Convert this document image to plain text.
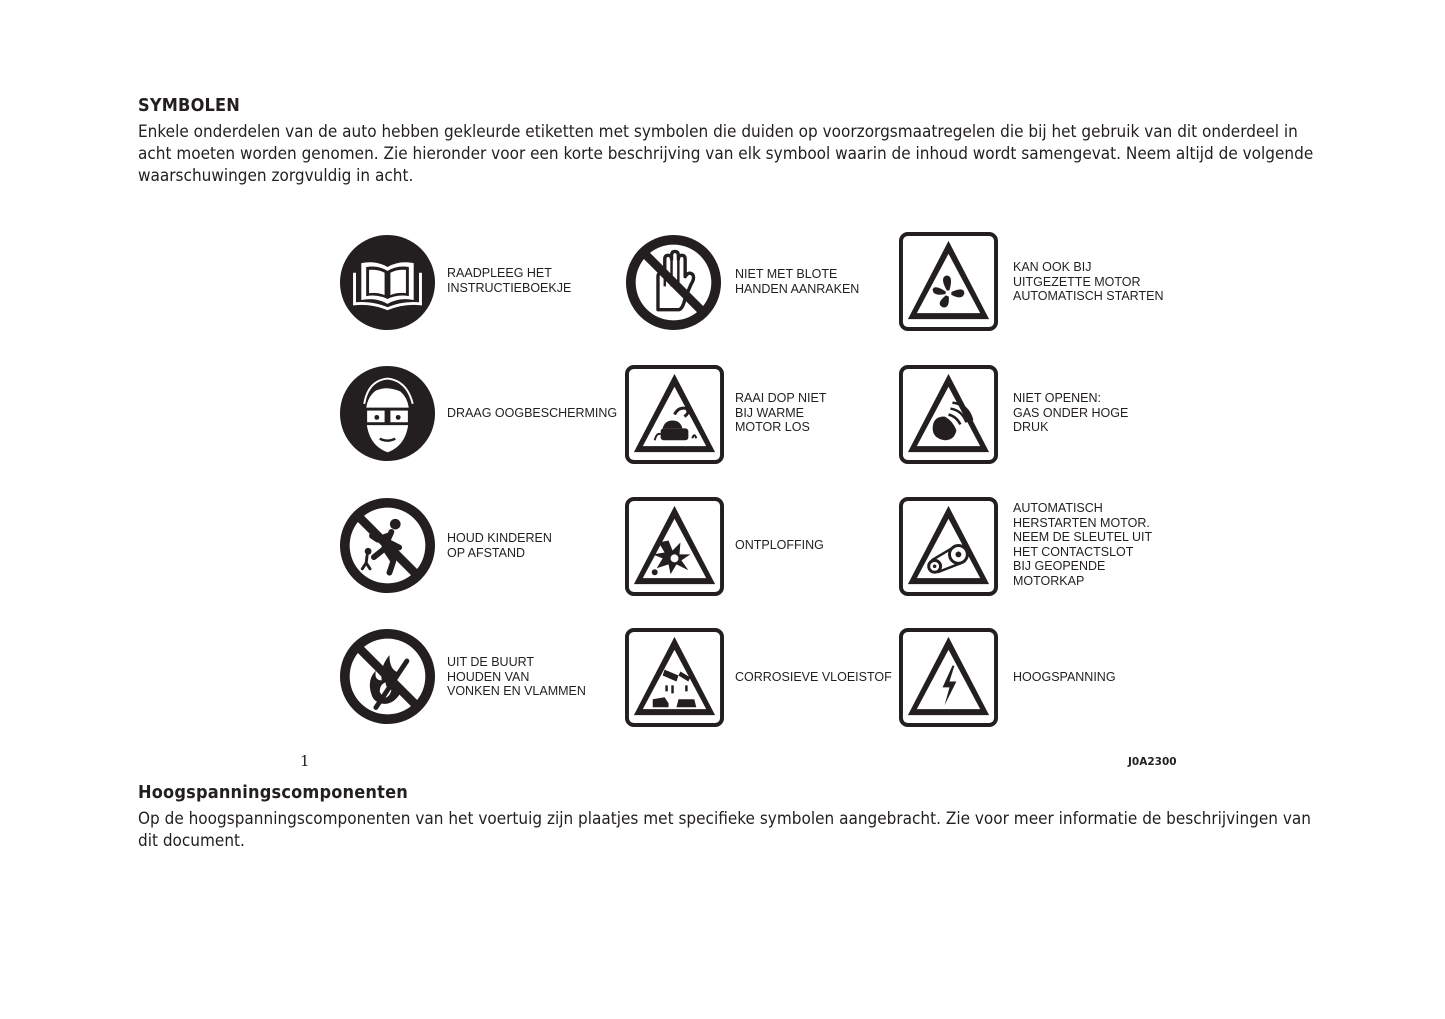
SYMBOLEN

Enkele onderdelen van de auto hebben gekleurde etiketten met symbolen die duiden op voorzorgsmaatregelen die bij het gebruik van dit onderdeel in acht moeten worden genomen. Zie hieronder voor een korte beschrijving van elk symbool waarin de inhoud wordt samengevat. Neem altijd de volgende waarschuwingen zorgvuldig in acht.

RAADPLEEG HET
INSTRUCTIEBOEKJE
DRAAG OOGBESCHERMING
HOUD KINDEREN
OP AFSTAND
UIT DE BUURT
HOUDEN VAN
VONKEN EN VLAMMEN
NIET MET BLOTE
HANDEN AANRAKEN
RAAI DOP NIET
BIJ WARME
MOTOR LOS
ONTPLOFFING
CORROSIEVE VLOEISTOF
KAN OOK BIJ
UITGEZETTE MOTOR
AUTOMATISCH STARTEN
NIET OPENEN:
GAS ONDER HOGE
DRUK
AUTOMATISCH
HERSTARTEN MOTOR.
NEEM DE SLEUTEL UIT
HET CONTACTSLOT
BIJ GEOPENDE
MOTORKAP
HOOGSPANNING
1	J0A2300
Hoogspanningscomponenten

Op de hoogspanningscomponenten van het voertuig zijn plaatjes met specifieke symbolen aangebracht. Zie voor meer informatie de beschrijvingen van dit document.
